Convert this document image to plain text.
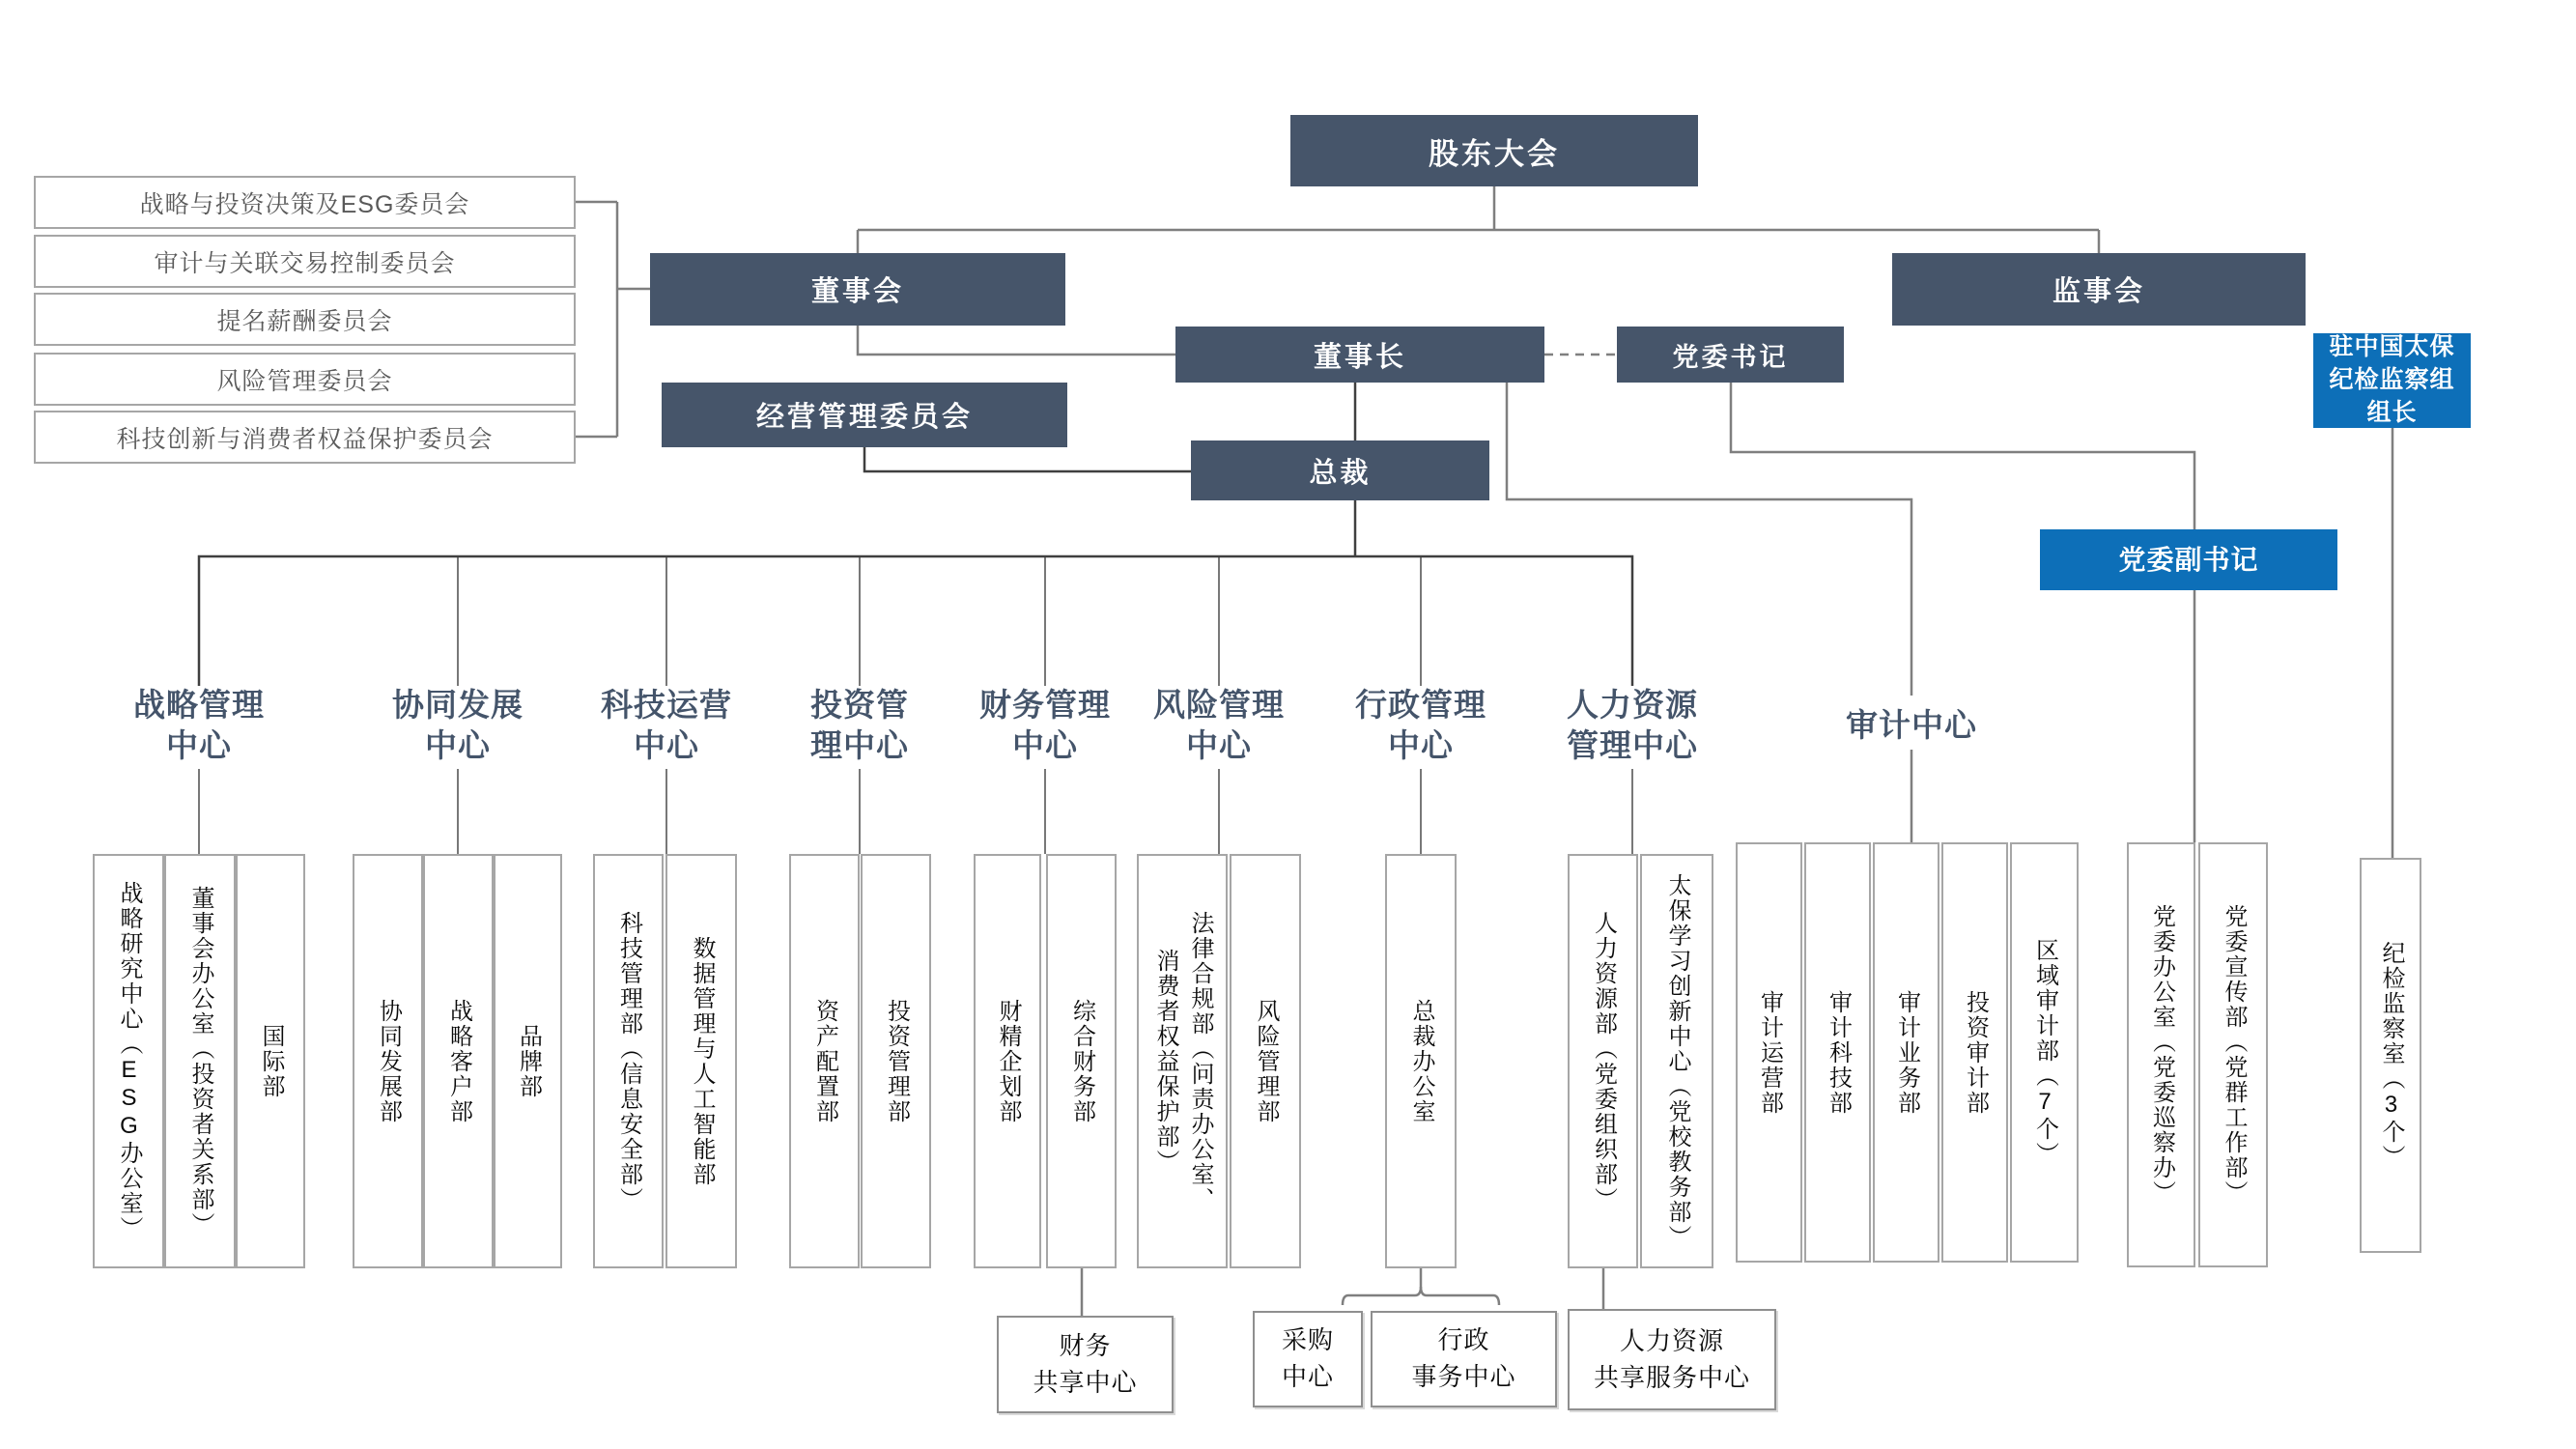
股东大会
董事会	监事会
董事长	党委书记
经营管理委员会
总裁
党委副书记
驻中国太保
纪检监察组
组长
战略与投资决策及ESG委员会
审计与关联交易控制委员会
提名薪酬委员会
风险管理委员会
科技创新与消费者权益保护委员会
战略管理
中心
协同发展
中心
科技运营
中心
投资管
理中心
财务管理
中心
风险管理
中心
行政管理
中心
人力资源
管理中心
审计中心
战略研究中心（ESG办公室） 董事会办公室（投资者关系部） 国际部	协同发展部 战略客户部 品牌部	科技管理部（信息安全部） 数据管理与人工智能部	资产配置部 投资管理部	财精企划部 综合财务部	法律合规部（问责办公室、
消费者权益保护部）	风险管理部	总裁办公室	人力资源部（党委组织部） 太保学习创新中心（党校教务部）	审计运营部 审计科技部 审计业务部 投资审计部 区域审计部（7个）	党委办公室（党委巡察办） 党委宣传部（党群工作部）	纪检监察室（3个）
财务
共享中心
采购
中心
行政
事务中心
人力资源
共享服务中心
